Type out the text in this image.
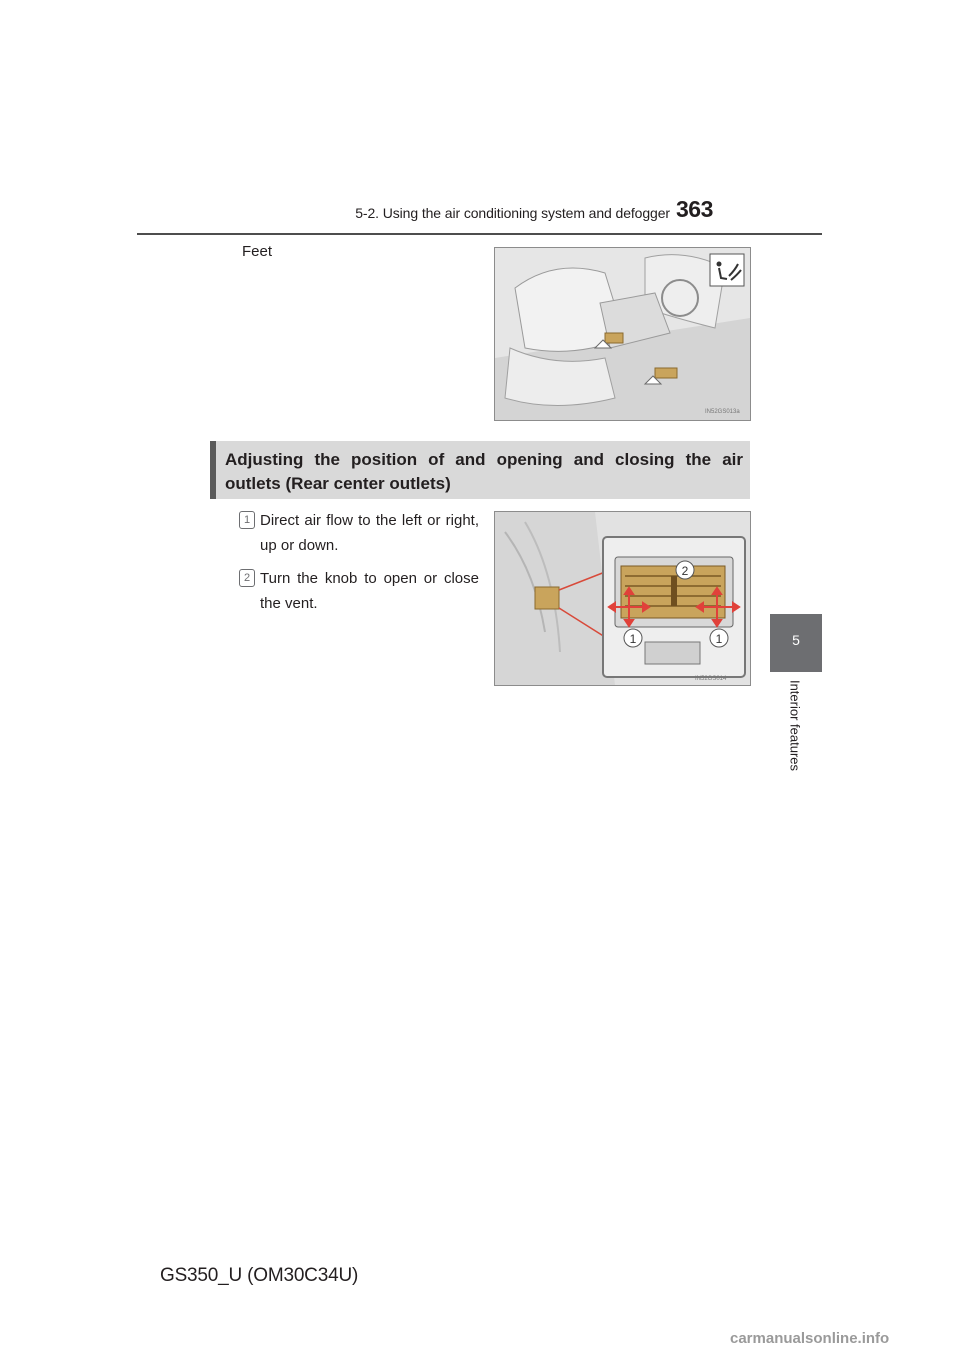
5-2. Using the air conditioning system and defogger 363
5
Interior features
Feet
IN52GS013a
Adjusting the position of and opening and closing the air outlets (Rear center outlets)
1 Direct air flow to the left or right, up or down.
2 Turn the knob to open or close the vent.
2
1	1
IN52GS014
GS350_U (OM30C34U)
carmanualsonline.info
